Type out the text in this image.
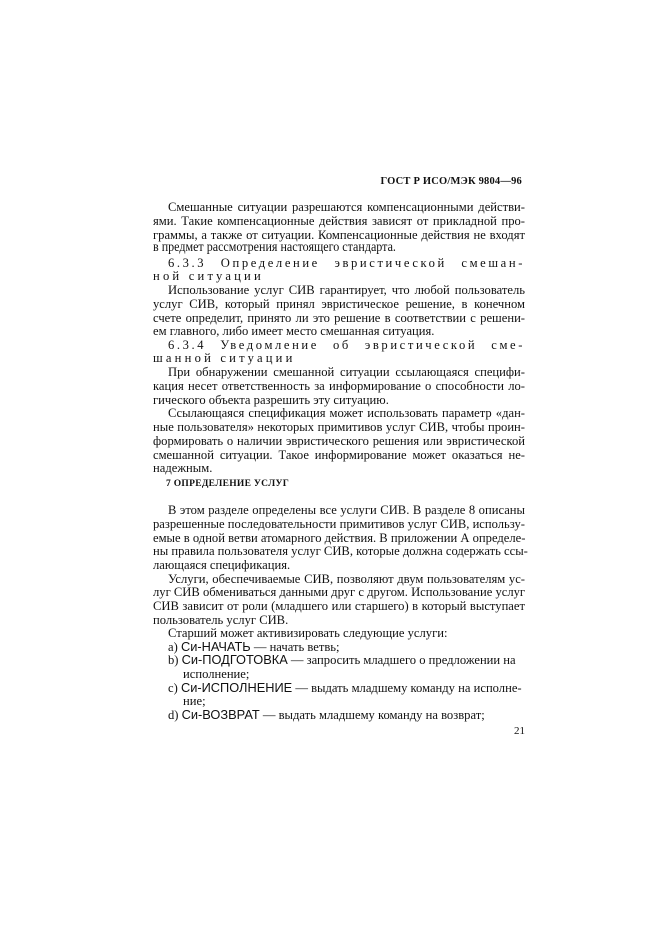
ГОСТ Р ИСО/МЭК 9804—96
Смешанные ситуации разрешаются компенсационными действи-
ями. Такие компенсационные действия зависят от прикладной про-
граммы, а также от ситуации. Компенсационные действия не входят
в предмет рассмотрения настоящего стандарта.
6.3.3 Определение эвристической смешан-
ной ситуации
Использование услуг СИВ гарантирует, что любой пользователь
услуг СИВ, который принял эвристическое решение, в конечном
счете определит, принято ли это решение в соответствии с решени-
ем главного, либо имеет место смешанная ситуация.
6.3.4 Уведомление об эвристической сме-
шанной ситуации
При обнаружении смешанной ситуации ссылающаяся специфи-
кация несет ответственность за информирование о способности ло-
гического объекта разрешить эту ситуацию.
Ссылающаяся спецификация может использовать параметр «дан-
ные пользователя» некоторых примитивов услуг СИВ, чтобы проин-
формировать о наличии эвристического решения или эвристической
смешанной ситуации. Такое информирование может оказаться не-
надежным.
7 ОПРЕДЕЛЕНИЕ УСЛУГ
В этом разделе определены все услуги СИВ. В разделе 8 описаны
разрешенные последовательности примитивов услуг СИВ, использу-
емые в одной ветви атомарного действия. В приложении А определе-
ны правила пользователя услуг СИВ, которые должна содержать ссы-
лающаяся спецификация.
Услуги, обеспечиваемые СИВ, позволяют двум пользователям ус-
луг СИВ обмениваться данными друг с другом. Использование услуг
СИВ зависит от роли (младшего или старшего) в который выступает
пользователь услуг СИВ.
Старший может активизировать следующие услуги:
a) Си-НАЧАТЬ — начать ветвь;
b) Си-ПОДГОТОВКА — запросить младшего о предложении на
исполнение;
c) Си-ИСПОЛНЕНИЕ — выдать младшему команду на исполне-
ние;
d) Си-ВОЗВРАТ — выдать младшему команду на возврат;
21
